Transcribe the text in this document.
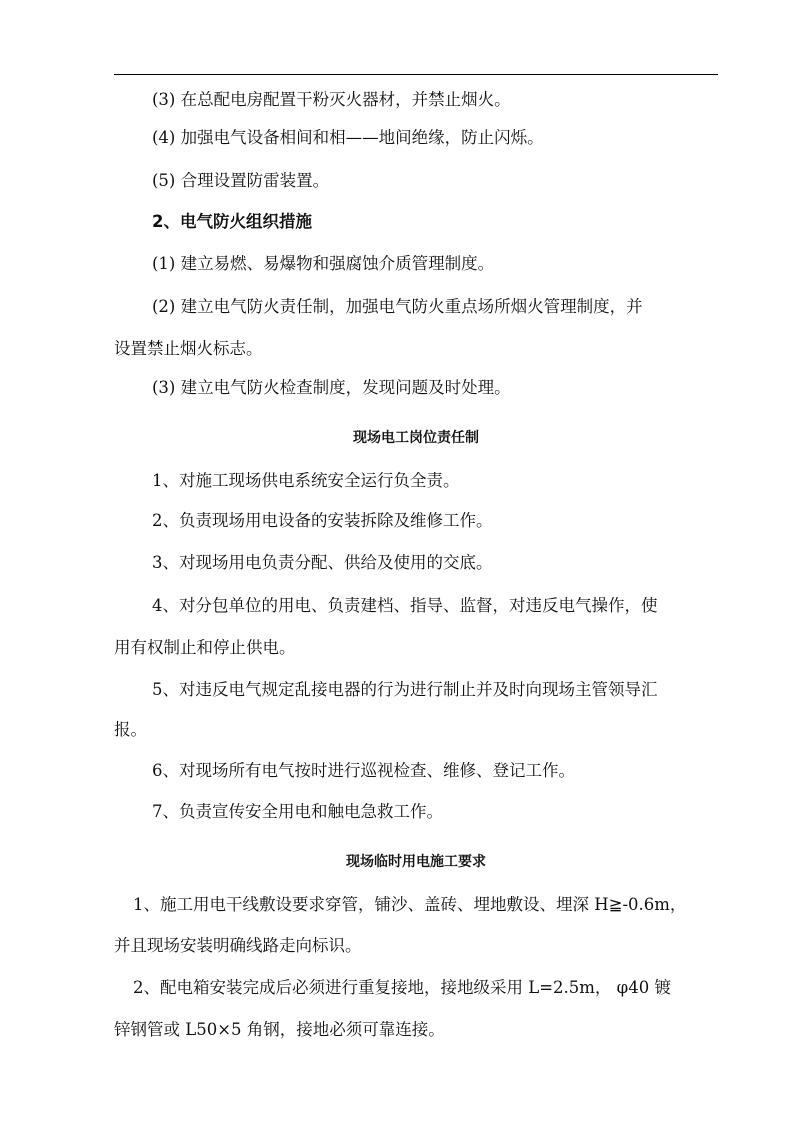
(3) 在总配电房配置干粉灭火器材，并禁止烟火。
(4) 加强电气设备相间和相——地间绝缘，防止闪烁。
(5) 合理设置防雷装置。
2、电气防火组织措施
(1) 建立易燃、易爆物和强腐蚀介质管理制度。
(2) 建立电气防火责任制，加强电气防火重点场所烟火管理制度，并
设置禁止烟火标志。
(3) 建立电气防火检查制度，发现问题及时处理。
现场电工岗位责任制
1、对施工现场供电系统安全运行负全责。
2、负责现场用电设备的安装拆除及维修工作。
3、对现场用电负责分配、供给及使用的交底。
4、对分包单位的用电、负责建档、指导、监督，对违反电气操作，使
用有权制止和停止供电。
5、对违反电气规定乱接电器的行为进行制止并及时向现场主管领导汇
报。
6、对现场所有电气按时进行巡视检查、维修、登记工作。
7、负责宣传安全用电和触电急救工作。
现场临时用电施工要求
1、施工用电干线敷设要求穿管，铺沙、盖砖、埋地敷设、埋深 H≧-0.6m，
并且现场安装明确线路走向标识。
2、配电箱安装完成后必须进行重复接地，接地级采用 L=2.5m， φ40 镀
锌钢管或 L50×5 角钢，接地必须可靠连接。
